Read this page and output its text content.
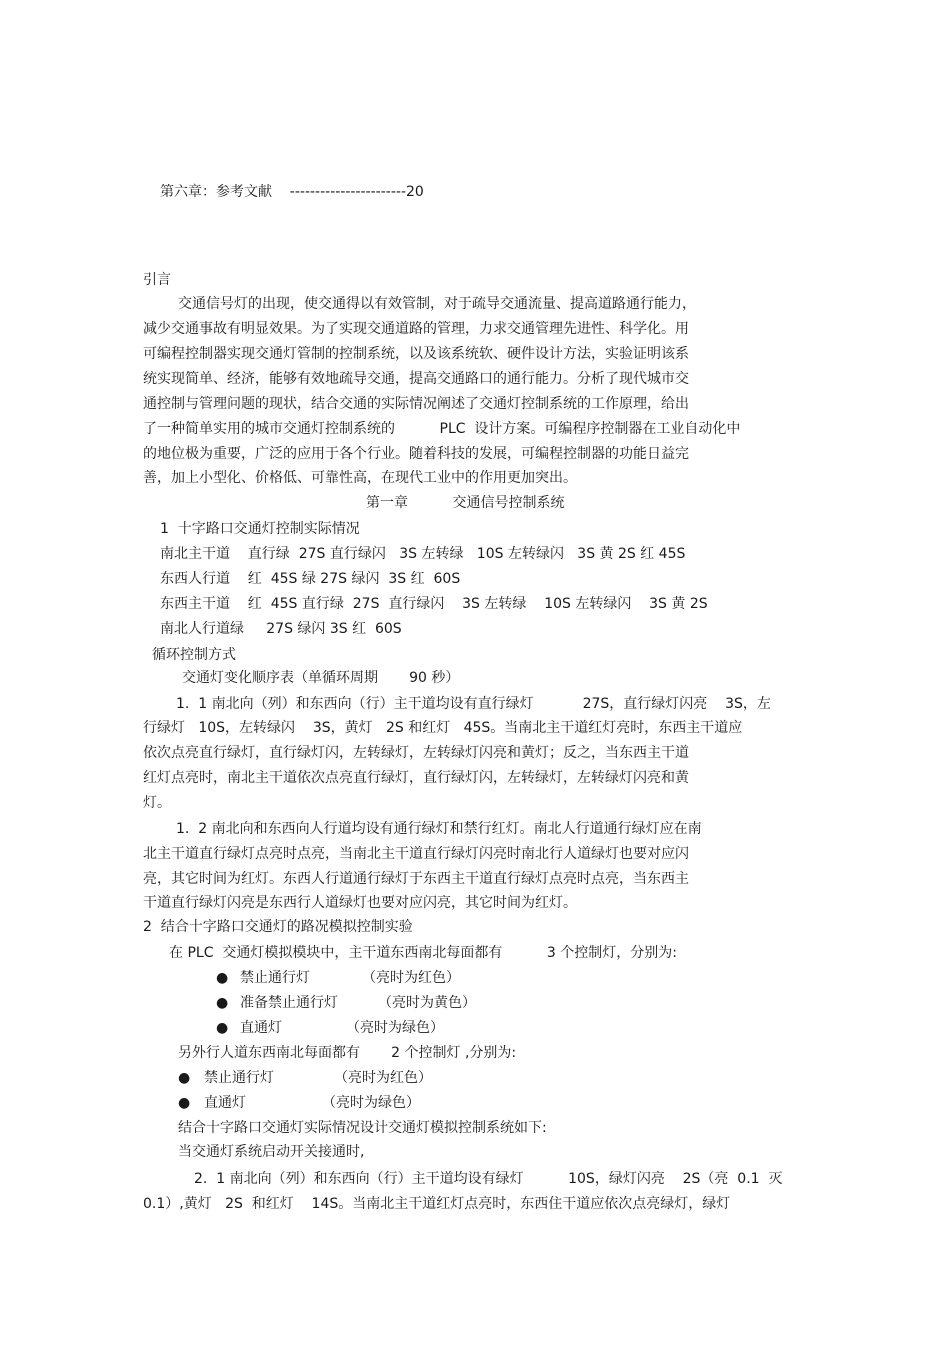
第六章：参考文献    -----------------------20
引言
交通信号灯的出现，使交通得以有效管制，对于疏导交通流量、提高道路通行能力，
减少交通事故有明显效果。为了实现交通道路的管理，力求交通管理先进性、科学化。用
可编程控制器实现交通灯管制的控制系统，以及该系统软、硬件设计方法，实验证明该系
统实现简单、经济，能够有效地疏导交通，提高交通路口的通行能力。分析了现代城市交
通控制与管理问题的现状，结合交通的实际情况阐述了交通灯控制系统的工作原理，给出
了一种简单实用的城市交通灯控制系统的          PLC  设计方案。可编程序控制器在工业自动化中
的地位极为重要，广泛的应用于各个行业。随着科技的发展，可编程控制器的功能日益完
善，加上小型化、价格低、可靠性高，在现代工业中的作用更加突出。
第一章          交通信号控制系统
1  十字路口交通灯控制实际情况
南北主干道    直行绿  27S 直行绿闪   3S 左转绿   10S 左转绿闪   3S 黄 2S 红 45S
东西人行道    红  45S 绿 27S 绿闪  3S 红  60S
东西主干道    红  45S 直行绿  27S  直行绿闪    3S 左转绿    10S 左转绿闪    3S 黄 2S
南北人行道绿     27S 绿闪 3S 红  60S
循环控制方式
交通灯变化顺序表（单循环周期       90 秒）
1.  1 南北向（列）和东西向（行）主干道均设有直行绿灯           27S，直行绿灯闪亮    3S，左
行绿灯   10S，左转绿闪    3S，黄灯   2S 和红灯   45S。当南北主干道红灯亮时，东西主干道应
依次点亮直行绿灯，直行绿灯闪，左转绿灯，左转绿灯闪亮和黄灯；反之，当东西主干道
红灯点亮时，南北主干道依次点亮直行绿灯，直行绿灯闪，左转绿灯，左转绿灯闪亮和黄
灯。
1.  2 南北向和东西向人行道均设有通行绿灯和禁行红灯。南北人行道通行绿灯应在南
北主干道直行绿灯点亮时点亮，当南北主干道直行绿灯闪亮时南北行人道绿灯也要对应闪
亮，其它时间为红灯。东西人行道通行绿灯于东西主干道直行绿灯点亮时点亮，当东西主
干道直行绿灯闪亮是东西行人道绿灯也要对应闪亮，其它时间为红灯。
2  结合十字路口交通灯的路况模拟控制实验
在 PLC  交通灯模拟模块中，主干道东西南北每面都有          3 个控制灯，分别为:
● 禁止通行灯	（亮时为红色）
● 准备禁止通行灯	（亮时为黄色）
● 直通灯	（亮时为绿色）
另外行人道东西南北每面都有       2 个控制灯 ,分别为:
● 禁止通行灯	（亮时为红色）
● 直通灯	（亮时为绿色）
结合十字路口交通灯实际情况设计交通灯模拟控制系统如下:
当交通灯系统启动开关接通时,
2.  1 南北向（列）和东西向（行）主干道均设有绿灯          10S，绿灯闪亮    2S（亮  0.1  灭
0.1）,黄灯   2S  和红灯    14S。当南北主干道红灯点亮时，东西住干道应依次点亮绿灯，绿灯
